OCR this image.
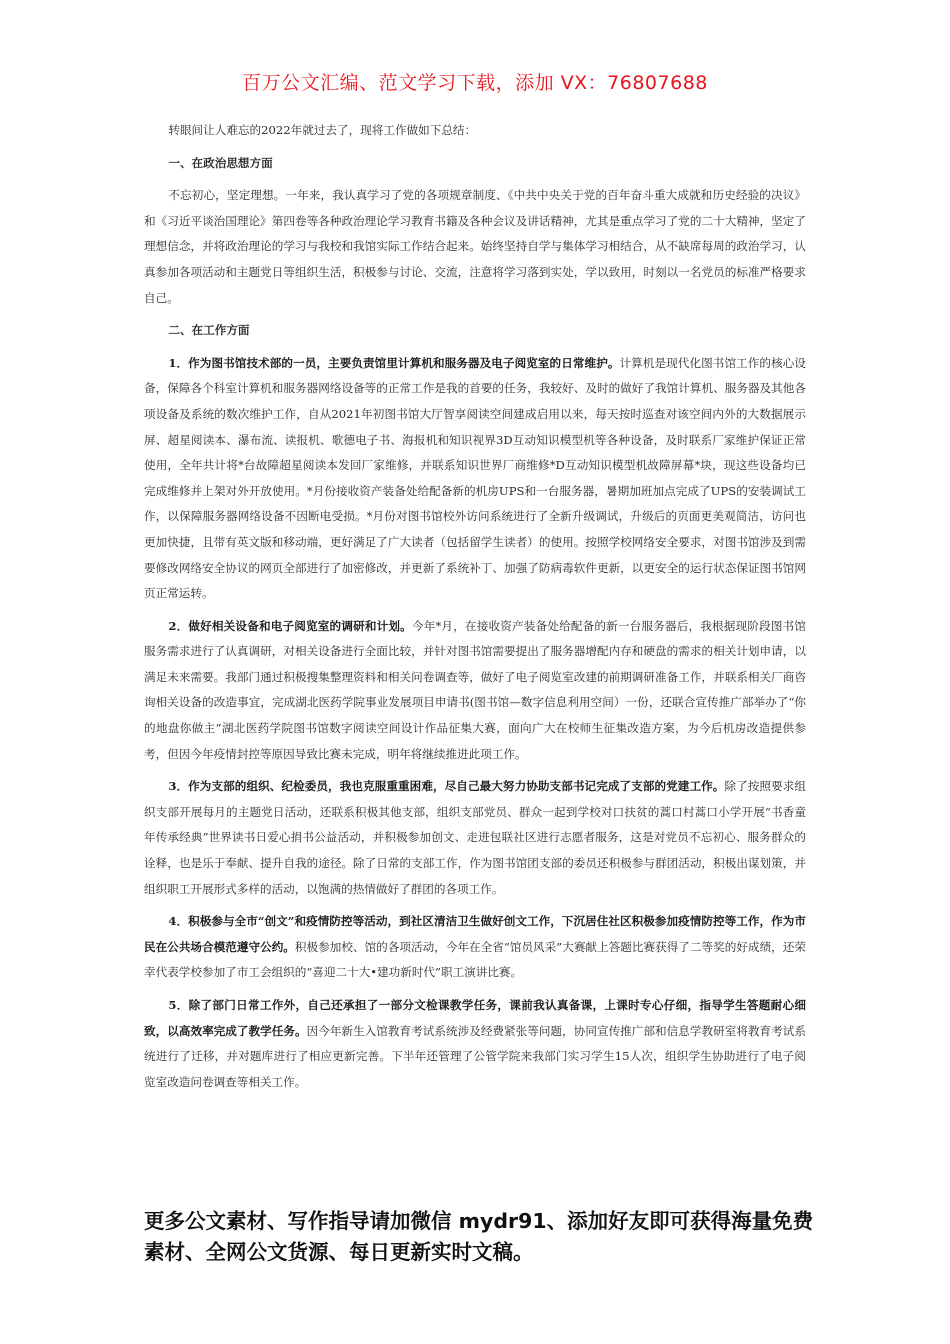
百万公文汇编、范文学习下载，添加 VX：76807688

转眼间让人难忘的2022年就过去了，现将工作做如下总结：

一、在政治思想方面

不忘初心，坚定理想。一年来，我认真学习了党的各项规章制度、《中共中央关于党的百年奋斗重大成就和历史经验的决议》和《习近平谈治国理论》第四卷等各种政治理论学习教育书籍及各种会议及讲话精神，尤其是重点学习了党的二十大精神，坚定了理想信念，并将政治理论的学习与我校和我馆实际工作结合起来。始终坚持自学与集体学习相结合，从不缺席每周的政治学习，认真参加各项活动和主题党日等组织生活，积极参与讨论、交流，注意将学习落到实处，学以致用，时刻以一名党员的标准严格要求自己。

二、在工作方面

1．作为图书馆技术部的一员，主要负责馆里计算机和服务器及电子阅览室的日常维护。计算机是现代化图书馆工作的核心设备，保障各个科室计算机和服务器网络设备等的正常工作是我的首要的任务，我较好、及时的做好了我馆计算机、服务器及其他各项设备及系统的数次维护工作，自从2021年初图书馆大厅智享阅读空间建成启用以来，每天按时巡查对该空间内外的大数据展示屏、超星阅读本、瀑布流、读报机、歌德电子书、海报机和知识视界3D互动知识模型机等各种设备，及时联系厂家维护保证正常使用，全年共计将*台故障超星阅读本发回厂家维修，并联系知识世界厂商维修*D互动知识模型机故障屏幕*块，现这些设备均已完成维修并上架对外开放使用。*月份接收资产装备处给配备新的机房UPS和一台服务器，暑期加班加点完成了UPS的安装调试工作，以保障服务器网络设备不因断电受损。*月份对图书馆校外访问系统进行了全新升级调试，升级后的页面更美观简洁，访问也更加快捷，且带有英文版和移动端，更好满足了广大读者（包括留学生读者）的使用。按照学校网络安全要求，对图书馆涉及到需要修改网络安全协议的网页全部进行了加密修改，并更新了系统补丁、加强了防病毒软件更新，以更安全的运行状态保证图书馆网页正常运转。

2．做好相关设备和电子阅览室的调研和计划。今年*月，在接收资产装备处给配备的新一台服务器后，我根据现阶段图书馆服务需求进行了认真调研，对相关设备进行全面比较，并针对图书馆需要提出了服务器增配内存和硬盘的需求的相关计划申请，以满足未来需要。我部门通过积极搜集整理资料和相关问卷调查等，做好了电子阅览室改建的前期调研准备工作，并联系相关厂商咨询相关设备的改造事宜，完成湖北医药学院事业发展项目申请书(图书馆—数字信息利用空间）一份，还联合宣传推广部举办了“你的地盘你做主”湖北医药学院图书馆数字阅读空间设计作品征集大赛，面向广大在校师生征集改造方案，为今后机房改造提供参考，但因今年疫情封控等原因导致比赛未完成，明年将继续推进此项工作。

3．作为支部的组织、纪检委员，我也克服重重困难，尽自己最大努力协助支部书记完成了支部的党建工作。除了按照要求组织支部开展每月的主题党日活动，还联系积极其他支部，组织支部党员、群众一起到学校对口扶贫的蒿口村蒿口小学开展“书香童年传承经典”世界读书日爱心捐书公益活动，并积极参加创文、走进包联社区进行志愿者服务，这是对党员不忘初心、服务群众的诠释，也是乐于奉献、提升自我的途径。除了日常的支部工作，作为图书馆团支部的委员还积极参与群团活动，积极出谋划策，并组织职工开展形式多样的活动，以饱满的热情做好了群团的各项工作。

4．积极参与全市“创文”和疫情防控等活动，到社区清洁卫生做好创文工作，下沉居住社区积极参加疫情防控等工作，作为市民在公共场合模范遵守公约。积极参加校、馆的各项活动，今年在全省“馆员风采”大赛献上答题比赛获得了二等奖的好成绩，还荣幸代表学校参加了市工会组织的“喜迎二十大•建功新时代”职工演讲比赛。

5．除了部门日常工作外，自己还承担了一部分文检课教学任务，课前我认真备课，上课时专心仔细，指导学生答题耐心细致，以高效率完成了教学任务。因今年新生入馆教育考试系统涉及经费紧张等问题，协同宣传推广部和信息学教研室将教育考试系统进行了迁移，并对题库进行了相应更新完善。下半年还管理了公管学院来我部门实习学生15人次，组织学生协助进行了电子阅览室改造问卷调查等相关工作。

更多公文素材、写作指导请加微信 mydr91、添加好友即可获得海量免费素材、全网公文货源、每日更新实时文稿。
